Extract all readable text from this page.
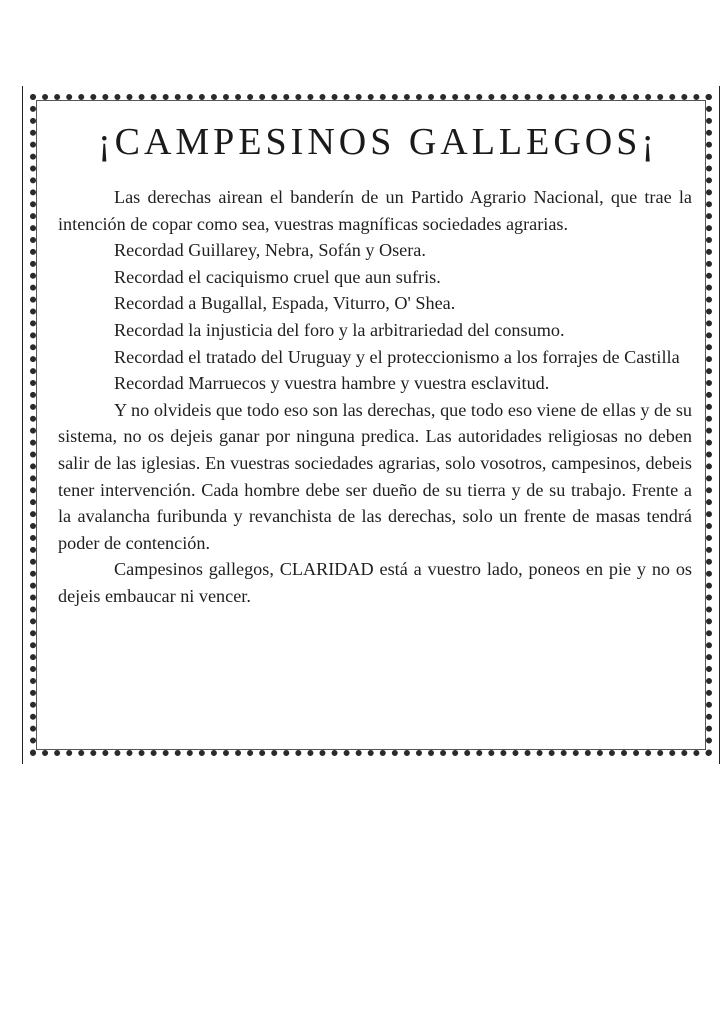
¡CAMPESINOS GALLEGOS¡

Las derechas airean el banderín de un Partido Agrario Nacional, que trae la intención de copar como sea, vuestras magníficas sociedades agrarias.

Recordad Guillarey, Nebra, Sofán y Osera.

Recordad el caciquismo cruel que aun sufris.

Recordad a Bugallal, Espada, Viturro, O' Shea.

Recordad la injusticia del foro y la arbitrariedad del consumo.

Recordad el tratado del Uruguay y el proteccionismo a los forrajes de Castilla

Recordad Marruecos y vuestra hambre y vuestra esclavitud.

Y no olvideis que todo eso son las derechas, que todo eso viene de ellas y de su sistema, no os dejeis ganar por ninguna predica. Las autoridades religiosas no deben salir de las iglesias. En vuestras sociedades agrarias, solo vosotros, campesinos, debeis tener intervención. Cada hombre debe ser dueño de su tierra y de su trabajo. Frente a la avalancha furibunda y revanchista de las derechas, solo un frente de masas tendrá poder de contención.

Campesinos gallegos, CLARIDAD está a vuestro lado, poneos en pie y no os dejeis embaucar ni vencer.
